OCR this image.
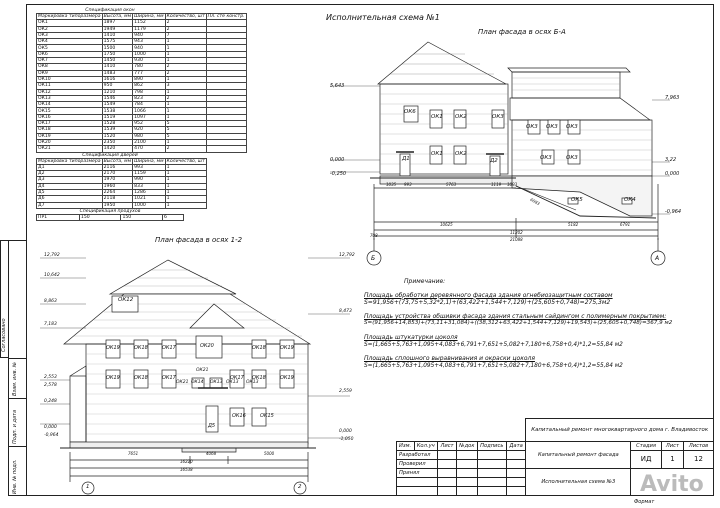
Согласовано
Взам. инв. №
Подп. и дата
Инв. № подл.
Спецификация окон
Маркировка типоразмера	Высота, мм	Ширина, мм	Количество, шт	Пл. сте констр.
ОК1	1897	1152	2	
ОК2	1949	1179	2	
ОК3	1410	940	7	
ОК4	1575	943	1	
ОК5	1500	940	1	
ОК6	1750	1000	1	
ОК7	1450	930	1	
ОК8	1410	780	2	
ОК9	1483	777	2	
ОК10	1616	890	1	
ОК11	950	862	3	
ОК12	1210	798	1	
ОК13	1546	823	2	
ОК14	1549	784	1	
ОК15	1538	1066	1	
ОК16	1519	1097	1	
ОК17	1528	952	5	
ОК18	1539	920	5	
ОК19	1520	980	5	
ОК20	2350	2100	1	
ОК21	1420	470	2	
Спецификация дверей
Маркировка типоразмера	Высота, мм	Ширина, мм	Количество, шт
Д1	2116	993	1
Д2	2170	1159	1
Д3	1970	990	1
Д4	1960	833	1
Д5	2264	1286	1
Д6	2118	1021	1
Д7	1950	1000	1
Спецификация продухов
ПР1	150	150	6
Исполнительная схема №1
План фасада в осях Б-А
5,643
0,000
-0,250
7,963
3,22
0,000
-0,964
ОК6
ОК1 ОК2	ОК3
ОК3 ОК3 ОК3
ОК1 ОК2
ОК3	ОК3
ОК5	ОК4
Д1	Д2
1035 993	5763	1119 1093
6083
5182	6791
10625
11202
21088
708
Б	А
План фасада в осях 1-2
12,792
10,642
8,863
7,183
2,553
2,578
0,248
0,000
-0,964
12,792
8,473
2,559
0,000
-1,050
ОК12
ОК19	ОК18	ОК17	ОК20	ОК18	ОК19
ОК19	ОК18	ОК17	ОК17 ОК18	ОК19
ОК14 ОК13 ОК13
ОК21
ОК21
ОК13
ОК16	ОК15
Д5
7651	4068	5000
16220
16538
1	2
Примечание:
Площадь обработки деревянного фасада здания огнебиозащитным составом
S=91,956+(73,75+5,32*2,1)+(63,422+1,544+7,129)+(25,605+0,748)=275,3м2
Площадь устройства обшивки фасада здания стальным сайдингом с полимерным покрытием:
S=(91,956+14,853)+(73,11+31,084)+((38,312+63,422+1,544+7,129)+19,543)+(25,605+0,748)=367,9 м2
Площадь штукатурки цоколя
S=(1,665+5,763+1,095+4,083+6,791+7,651+5,082+7,180+6,758+0,4)*1,2=55,84 м2
Площадь сплошного выравнивания и окраски цоколя
S=(1,665+5,763+1,095+4,083+6,791+7,651+5,082+7,180+6,758+0,4)*1,2=55,84 м2
						Капитальный ремонт многоквартирного дома г. Владивосток			
Изм.	Кол.уч	Лист	№док	Подпись	Дата	Капитальный ремонт фасада	Стадия	Лист	Листов
Разработал							ИД	1	12
Проверил									
Принял						Исполнительная схема №3			

Формат
Avito
